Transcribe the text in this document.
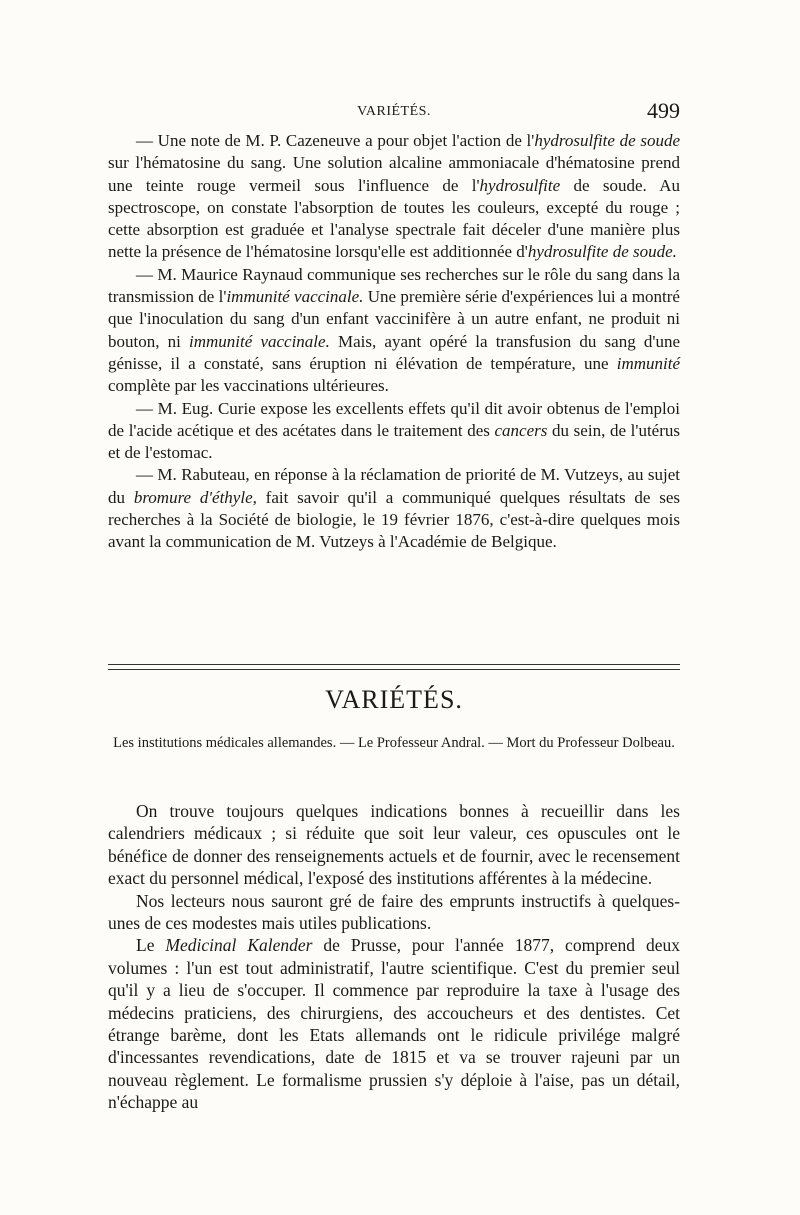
VARIÉTÉS.	499

— Une note de M. P. Cazeneuve a pour objet l'action de l'hydrosulfite de soude sur l'hématosine du sang. Une solution alcaline ammoniacale d'hématosine prend une teinte rouge vermeil sous l'influence de l'hydrosulfite de soude. Au spectroscope, on constate l'absorption de toutes les couleurs, excepté du rouge ; cette absorption est graduée et l'analyse spectrale fait déceler d'une manière plus nette la présence de l'hématosine lorsqu'elle est additionnée d'hydrosulfite de soude.

— M. Maurice Raynaud communique ses recherches sur le rôle du sang dans la transmission de l'immunité vaccinale. Une première série d'expériences lui a montré que l'inoculation du sang d'un enfant vaccinifère à un autre enfant, ne produit ni bouton, ni immunité vaccinale. Mais, ayant opéré la transfusion du sang d'une génisse, il a constaté, sans éruption ni élévation de température, une immunité complète par les vaccinations ultérieures.

— M. Eug. Curie expose les excellents effets qu'il dit avoir obtenus de l'emploi de l'acide acétique et des acétates dans le traitement des cancers du sein, de l'utérus et de l'estomac.

— M. Rabuteau, en réponse à la réclamation de priorité de M. Vutzeys, au sujet du bromure d'éthyle, fait savoir qu'il a communiqué quelques résultats de ses recherches à la Société de biologie, le 19 février 1876, c'est-à-dire quelques mois avant la communication de M. Vutzeys à l'Académie de Belgique.

VARIÉTÉS.
Les institutions médicales allemandes. — Le Professeur Andral. — Mort du Professeur Dolbeau.

On trouve toujours quelques indications bonnes à recueillir dans les calendriers médicaux ; si réduite que soit leur valeur, ces opuscules ont le bénéfice de donner des renseignements actuels et de fournir, avec le recensement exact du personnel médical, l'exposé des institutions afférentes à la médecine.

Nos lecteurs nous sauront gré de faire des emprunts instructifs à quelques-unes de ces modestes mais utiles publications.

Le Medicinal Kalender de Prusse, pour l'année 1877, comprend deux volumes : l'un est tout administratif, l'autre scientifique. C'est du premier seul qu'il y a lieu de s'occuper. Il commence par reproduire la taxe à l'usage des médecins praticiens, des chirurgiens, des accoucheurs et des dentistes. Cet étrange barème, dont les Etats allemands ont le ridicule privilége malgré d'incessantes revendications, date de 1815 et va se trouver rajeuni par un nouveau règlement. Le formalisme prussien s'y déploie à l'aise, pas un détail, n'échappe au
